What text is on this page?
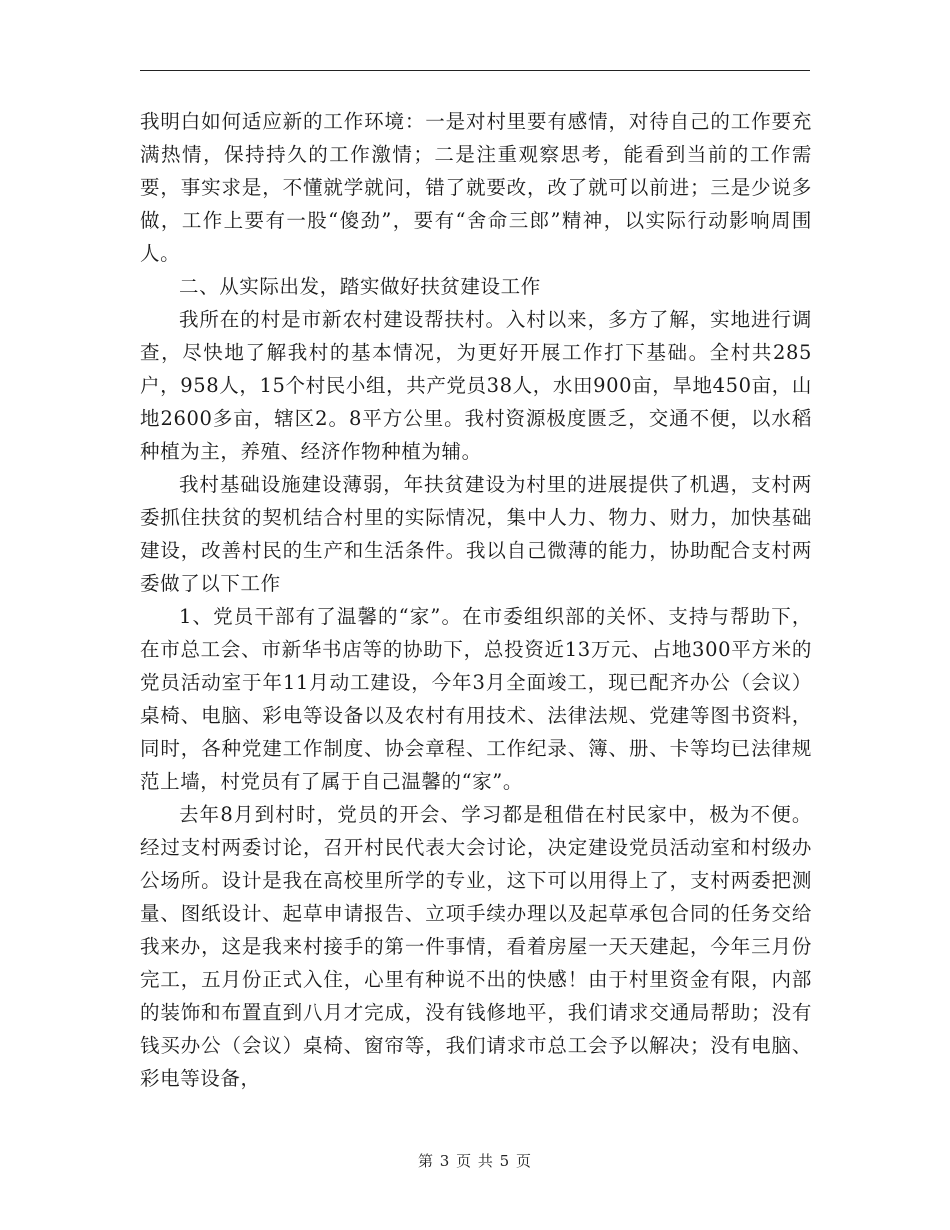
我明白如何适应新的工作环境：一是对村里要有感情，对待自己的工作要充满热情，保持持久的工作激情；二是注重观察思考，能看到当前的工作需要，事实求是，不懂就学就问，错了就要改，改了就可以前进；三是少说多做，工作上要有一股“傻劲”，要有“舍命三郎”精神，以实际行动影响周围人。

二、从实际出发，踏实做好扶贫建设工作

我所在的村是市新农村建设帮扶村。入村以来，多方了解，实地进行调查，尽快地了解我村的基本情况，为更好开展工作打下基础。全村共285户，958人，15个村民小组，共产党员38人，水田900亩，旱地450亩，山地2600多亩，辖区2。8平方公里。我村资源极度匮乏，交通不便，以水稻种植为主，养殖、经济作物种植为辅。

我村基础设施建设薄弱，年扶贫建设为村里的进展提供了机遇，支村两委抓住扶贫的契机结合村里的实际情况，集中人力、物力、财力，加快基础建设，改善村民的生产和生活条件。我以自己微薄的能力，协助配合支村两委做了以下工作

1、党员干部有了温馨的“家”。在市委组织部的关怀、支持与帮助下，在市总工会、市新华书店等的协助下，总投资近13万元、占地300平方米的党员活动室于年11月动工建设，今年3月全面竣工，现已配齐办公（会议）桌椅、电脑、彩电等设备以及农村有用技术、法律法规、党建等图书资料，同时，各种党建工作制度、协会章程、工作纪录、簿、册、卡等均已法律规范上墙，村党员有了属于自己温馨的“家”。

去年8月到村时，党员的开会、学习都是租借在村民家中，极为不便。经过支村两委讨论，召开村民代表大会讨论，决定建设党员活动室和村级办公场所。设计是我在高校里所学的专业，这下可以用得上了，支村两委把测量、图纸设计、起草申请报告、立项手续办理以及起草承包合同的任务交给我来办，这是我来村接手的第一件事情，看着房屋一天天建起，今年三月份完工，五月份正式入住，心里有种说不出的快感！由于村里资金有限，内部的装饰和布置直到八月才完成，没有钱修地平，我们请求交通局帮助；没有钱买办公（会议）桌椅、窗帘等，我们请求市总工会予以解决；没有电脑、彩电等设备，

第 3 页 共 5 页
